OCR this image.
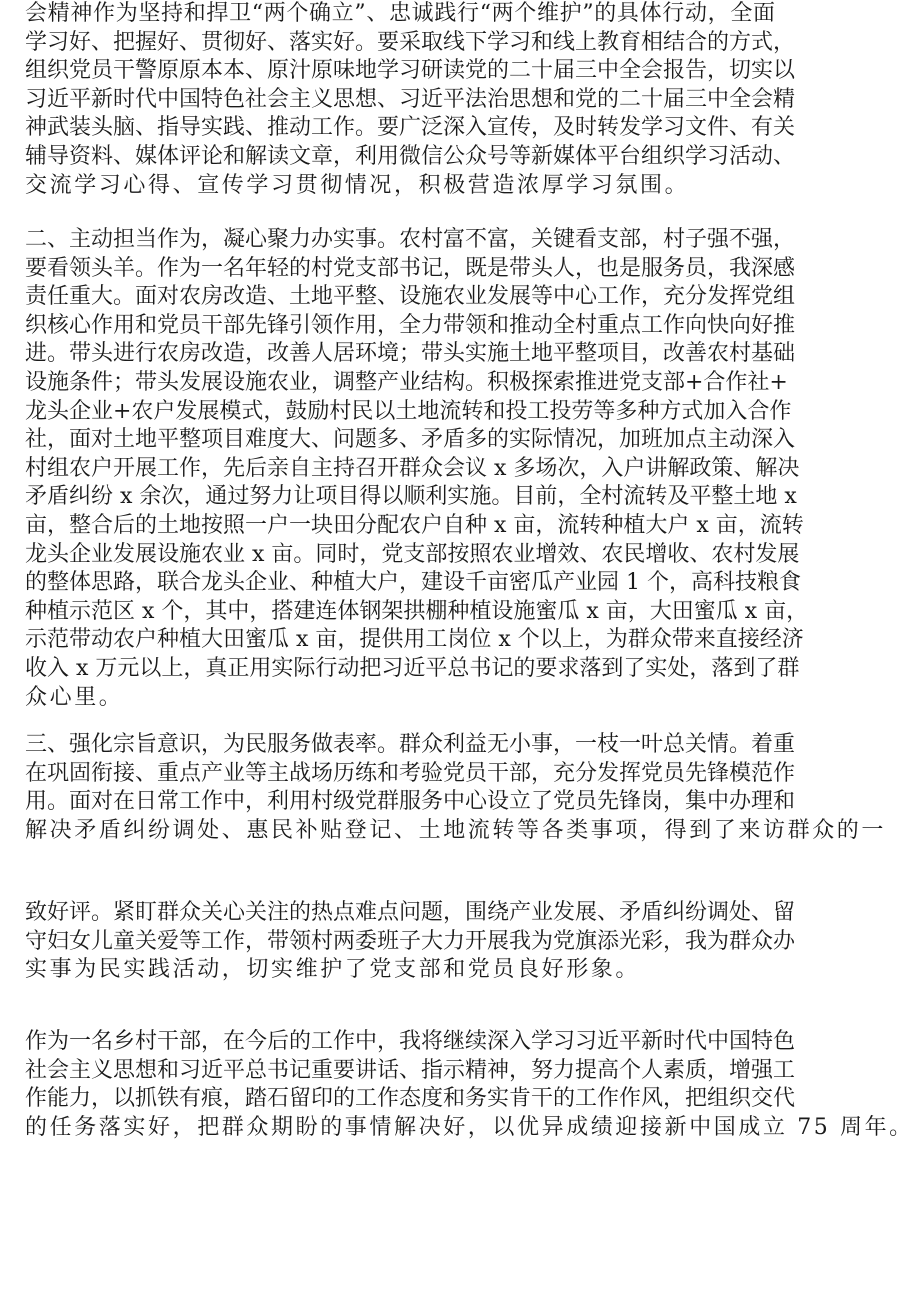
会精神作为坚持和捍卫“两个确立”、忠诚践行“两个维护”的具体行动，全面
学习好、把握好、贯彻好、落实好。要采取线下学习和线上教育相结合的方式，
组织党员干警原原本本、原汁原味地学习研读党的二十届三中全会报告，切实以
习近平新时代中国特色社会主义思想、习近平法治思想和党的二十届三中全会精
神武装头脑、指导实践、推动工作。要广泛深入宣传，及时转发学习文件、有关
辅导资料、媒体评论和解读文章，利用微信公众号等新媒体平台组织学习活动、
交流学习心得、宣传学习贯彻情况，积极营造浓厚学习氛围。
二、主动担当作为，凝心聚力办实事。农村富不富，关键看支部，村子强不强，
要看领头羊。作为一名年轻的村党支部书记，既是带头人，也是服务员，我深感
责任重大。面对农房改造、土地平整、设施农业发展等中心工作，充分发挥党组
织核心作用和党员干部先锋引领作用，全力带领和推动全村重点工作向快向好推
进。带头进行农房改造，改善人居环境；带头实施土地平整项目，改善农村基础
设施条件；带头发展设施农业，调整产业结构。积极探索推进党支部+合作社+
龙头企业+农户发展模式，鼓励村民以土地流转和投工投劳等多种方式加入合作
社，面对土地平整项目难度大、问题多、矛盾多的实际情况，加班加点主动深入
村组农户开展工作，先后亲自主持召开群众会议 x 多场次，入户讲解政策、解决
矛盾纠纷 x 余次，通过努力让项目得以顺利实施。目前，全村流转及平整土地 x
亩，整合后的土地按照一户一块田分配农户自种 x 亩，流转种植大户 x 亩，流转
龙头企业发展设施农业 x 亩。同时，党支部按照农业增效、农民增收、农村发展
的整体思路，联合龙头企业、种植大户，建设千亩密瓜产业园 1 个，高科技粮食
种植示范区 x 个，其中，搭建连体钢架拱棚种植设施蜜瓜 x 亩，大田蜜瓜 x 亩，
示范带动农户种植大田蜜瓜 x 亩，提供用工岗位 x 个以上，为群众带来直接经济
收入 x 万元以上，真正用实际行动把习近平总书记的要求落到了实处，落到了群
众心里。
三、强化宗旨意识，为民服务做表率。群众利益无小事，一枝一叶总关情。着重
在巩固衔接、重点产业等主战场历练和考验党员干部，充分发挥党员先锋模范作
用。面对在日常工作中，利用村级党群服务中心设立了党员先锋岗，集中办理和
解决矛盾纠纷调处、惠民补贴登记、土地流转等各类事项，得到了来访群众的一
致好评。紧盯群众关心关注的热点难点问题，围绕产业发展、矛盾纠纷调处、留
守妇女儿童关爱等工作，带领村两委班子大力开展我为党旗添光彩，我为群众办
实事为民实践活动，切实维护了党支部和党员良好形象。
作为一名乡村干部，在今后的工作中，我将继续深入学习习近平新时代中国特色
社会主义思想和习近平总书记重要讲话、指示精神，努力提高个人素质，增强工
作能力，以抓铁有痕，踏石留印的工作态度和务实肯干的工作作风，把组织交代
的任务落实好，把群众期盼的事情解决好，以优异成绩迎接新中国成立 75 周年。
